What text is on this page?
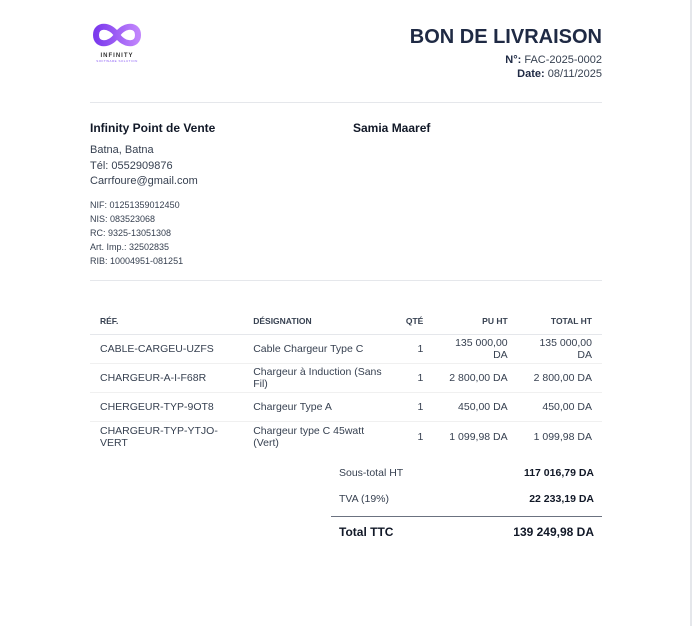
INFINITY
SOFTWARE SOLUTION
BON DE LIVRAISON
N°: FAC-2025-0002
Date: 08/11/2025
Infinity Point de Vente
Batna, Batna
Tél: 0552909876
Carrfoure@gmail.com
NIF: 01251359012450
NIS: 083523068
RC: 9325-13051308
Art. Imp.: 32502835
RIB: 10004951-081251
Samia Maaref
RÉF.	DÉSIGNATION	QTÉ	PU HT	TOTAL HT
CABLE-CARGEU-UZFS	Cable Chargeur Type C	1	135 000,00 DA	135 000,00 DA
CHARGEUR-A-I-F68R	Chargeur à Induction (Sans Fil)	1	2 800,00 DA	2 800,00 DA
CHERGEUR-TYP-9OT8	Chargeur Type A	1	450,00 DA	450,00 DA
CHARGEUR-TYP-YTJO-VERT	Chargeur type C 45watt (Vert)	1	1 099,98 DA	1 099,98 DA
Sous-total HT	117 016,79 DA
TVA (19%)	22 233,19 DA
Total TTC	139 249,98 DA
